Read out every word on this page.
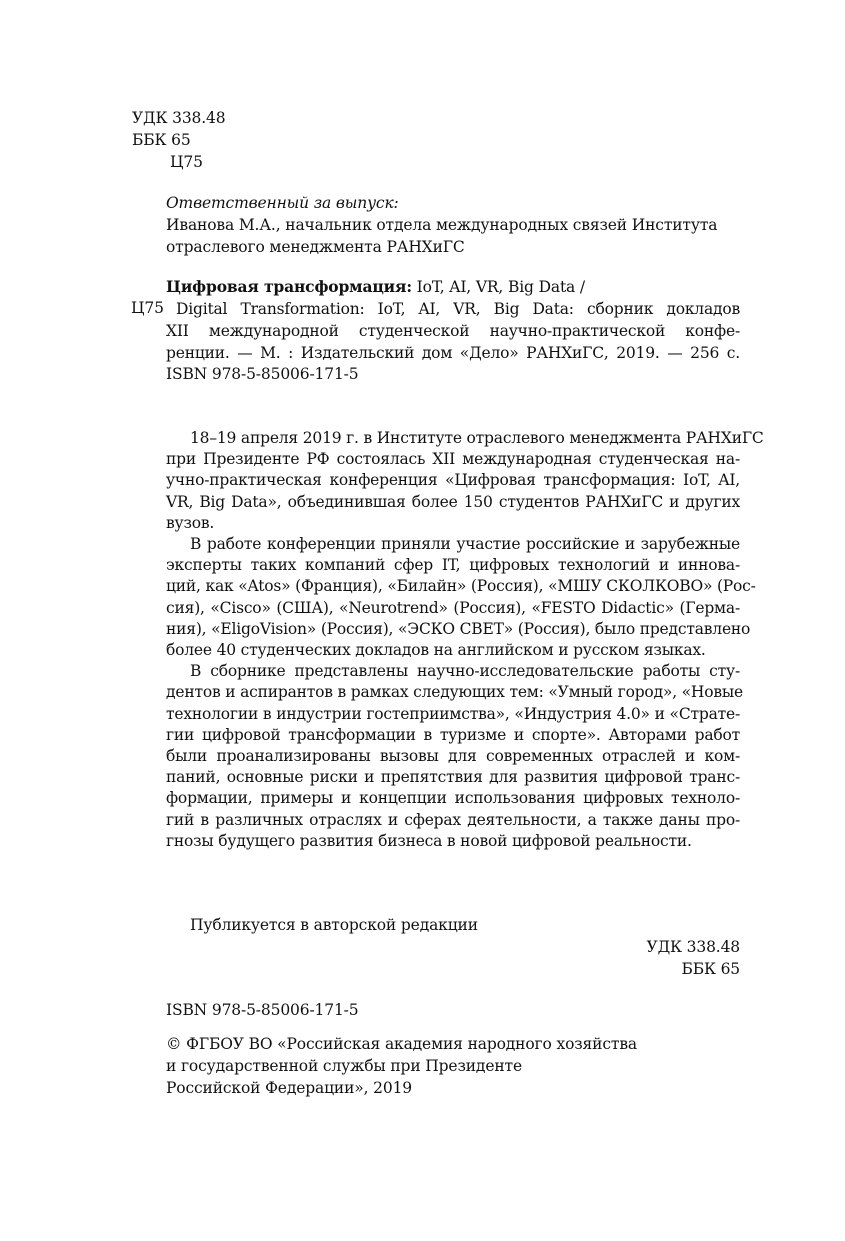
УДК 338.48
ББК 65
Ц75
Ответственный за выпуск:
Иванова М.А., начальник отдела международных связей Института
отраслевого менеджмента РАНХиГС
Цифровая трансформация: IoT, AI, VR, Big Data /
Ц75 Digital Transformation: IoT, AI, VR, Big Data: сборник докладов
XII международной студенческой научно-практической конфе-
ренции. — М. : Издательский дом «Дело» РАНХиГС, 2019. — 256 с.
ISBN 978-5-85006-171-5
18–19 апреля 2019 г. в Институте отраслевого менеджмента РАНХиГС
при Президенте РФ состоялась XII международная студенческая на-
учно-практическая конференция «Цифровая трансформация: IoT, AI,
VR, Big Data», объединившая более 150 студентов РАНХиГС и других
вузов.
В работе конференции приняли участие российские и зарубежные
эксперты таких компаний сфер IT, цифровых технологий и иннова-
ций, как «Atos» (Франция), «Билайн» (Россия), «МШУ СКОЛКОВО» (Рос-
сия), «Cisco» (США), «Neurotrend» (Россия), «FESTO Didactic» (Герма-
ния), «EligoVision» (Россия), «ЭСКО СВЕТ» (Россия), было представлено
более 40 студенческих докладов на английском и русском языках.
В сборнике представлены научно-исследовательские работы сту-
дентов и аспирантов в рамках следующих тем: «Умный город», «Новые
технологии в индустрии гостеприимства», «Индустрия 4.0» и «Страте-
гии цифровой трансформации в туризме и спорте». Авторами работ
были проанализированы вызовы для современных отраслей и ком-
паний, основные риски и препятствия для развития цифровой транс-
формации, примеры и концепции использования цифровых техноло-
гий в различных отраслях и сферах деятельности, а также даны про-
гнозы будущего развития бизнеса в новой цифровой реальности.
Публикуется в авторской редакции
УДК 338.48
ББК 65
ISBN 978-5-85006-171-5
© ФГБОУ ВО «Российская академия народного хозяйства
и государственной службы при Президенте
Российской Федерации», 2019
